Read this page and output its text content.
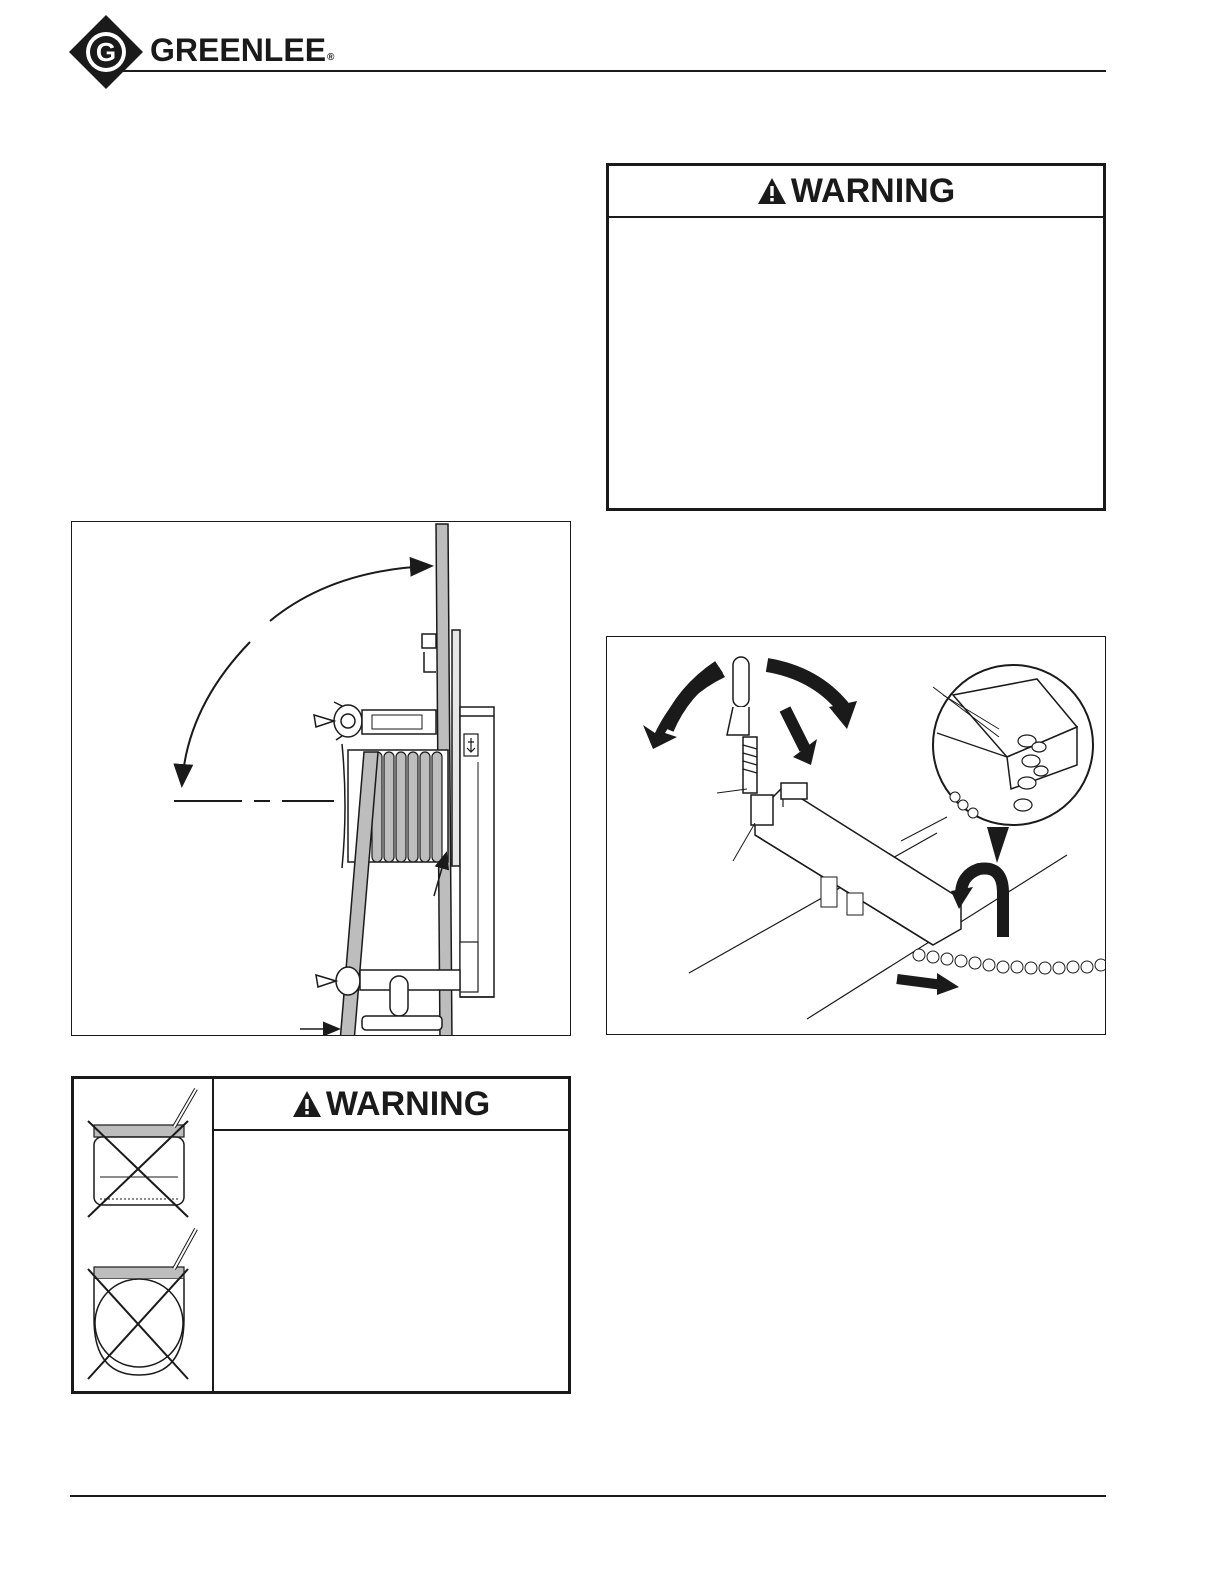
G GREENLEE ®
WARNING
WARNING
